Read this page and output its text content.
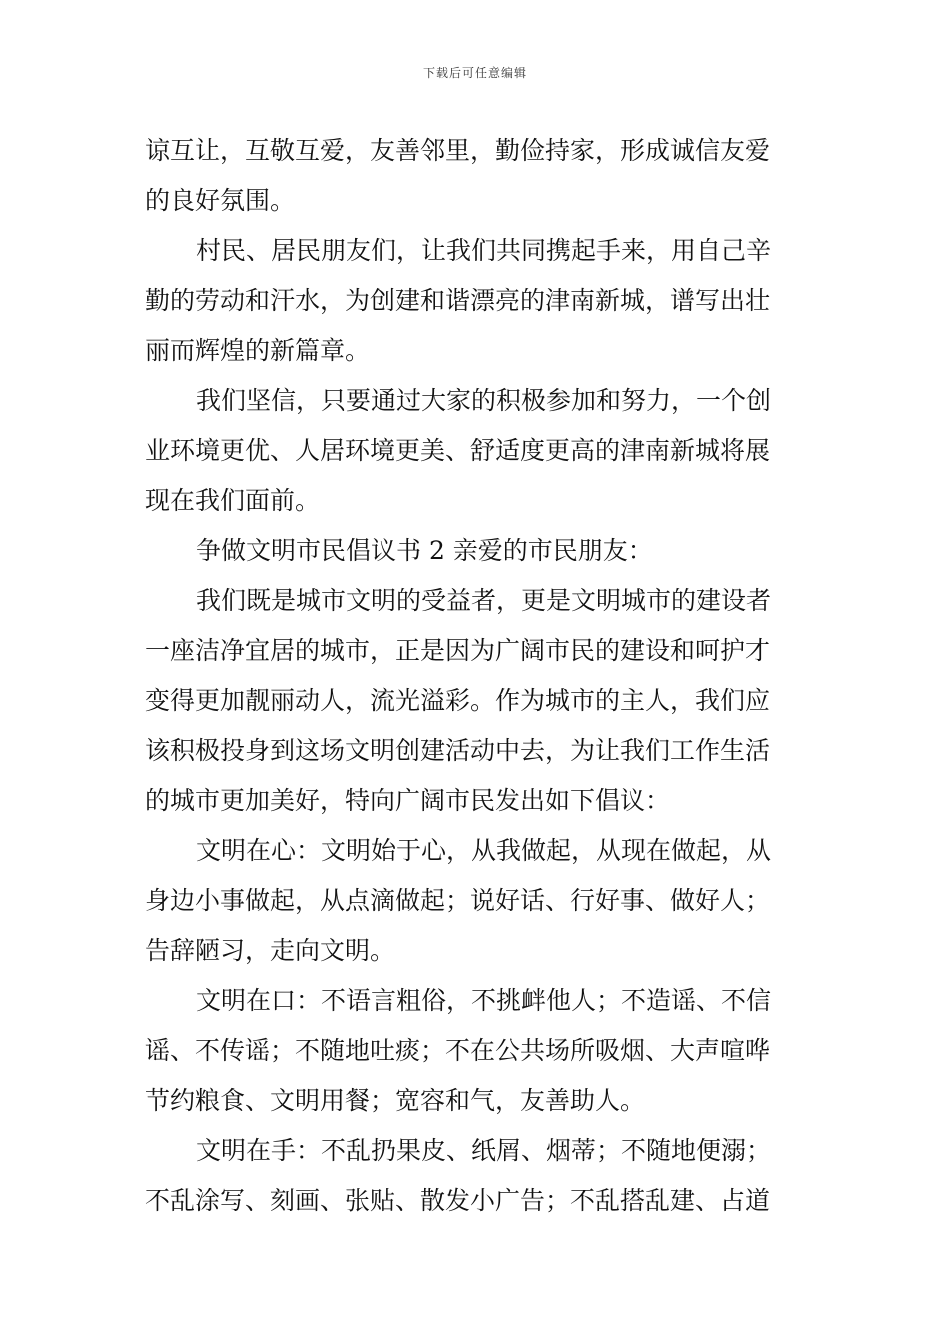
下载后可任意编辑
谅互让，互敬互爱，友善邻里，勤俭持家，形成诚信友爱
的良好氛围。
村民、居民朋友们，让我们共同携起手来，用自己辛
勤的劳动和汗水，为创建和谐漂亮的津南新城，谱写出壮
丽而辉煌的新篇章。
我们坚信，只要通过大家的积极参加和努力，一个创
业环境更优、人居环境更美、舒适度更高的津南新城将展
现在我们面前。
争做文明市民倡议书 2 亲爱的市民朋友：
我们既是城市文明的受益者，更是文明城市的建设者
一座洁净宜居的城市，正是因为广阔市民的建设和呵护才
变得更加靓丽动人，流光溢彩。作为城市的主人，我们应
该积极投身到这场文明创建活动中去，为让我们工作生活
的城市更加美好，特向广阔市民发出如下倡议：
文明在心：文明始于心，从我做起，从现在做起，从
身边小事做起，从点滴做起；说好话、行好事、做好人；
告辞陋习，走向文明。
文明在口：不语言粗俗，不挑衅他人；不造谣、不信
谣、不传谣；不随地吐痰；不在公共场所吸烟、大声喧哗
节约粮食、文明用餐；宽容和气，友善助人。
文明在手：不乱扔果皮、纸屑、烟蒂；不随地便溺；
不乱涂写、刻画、张贴、散发小广告；不乱搭乱建、占道
